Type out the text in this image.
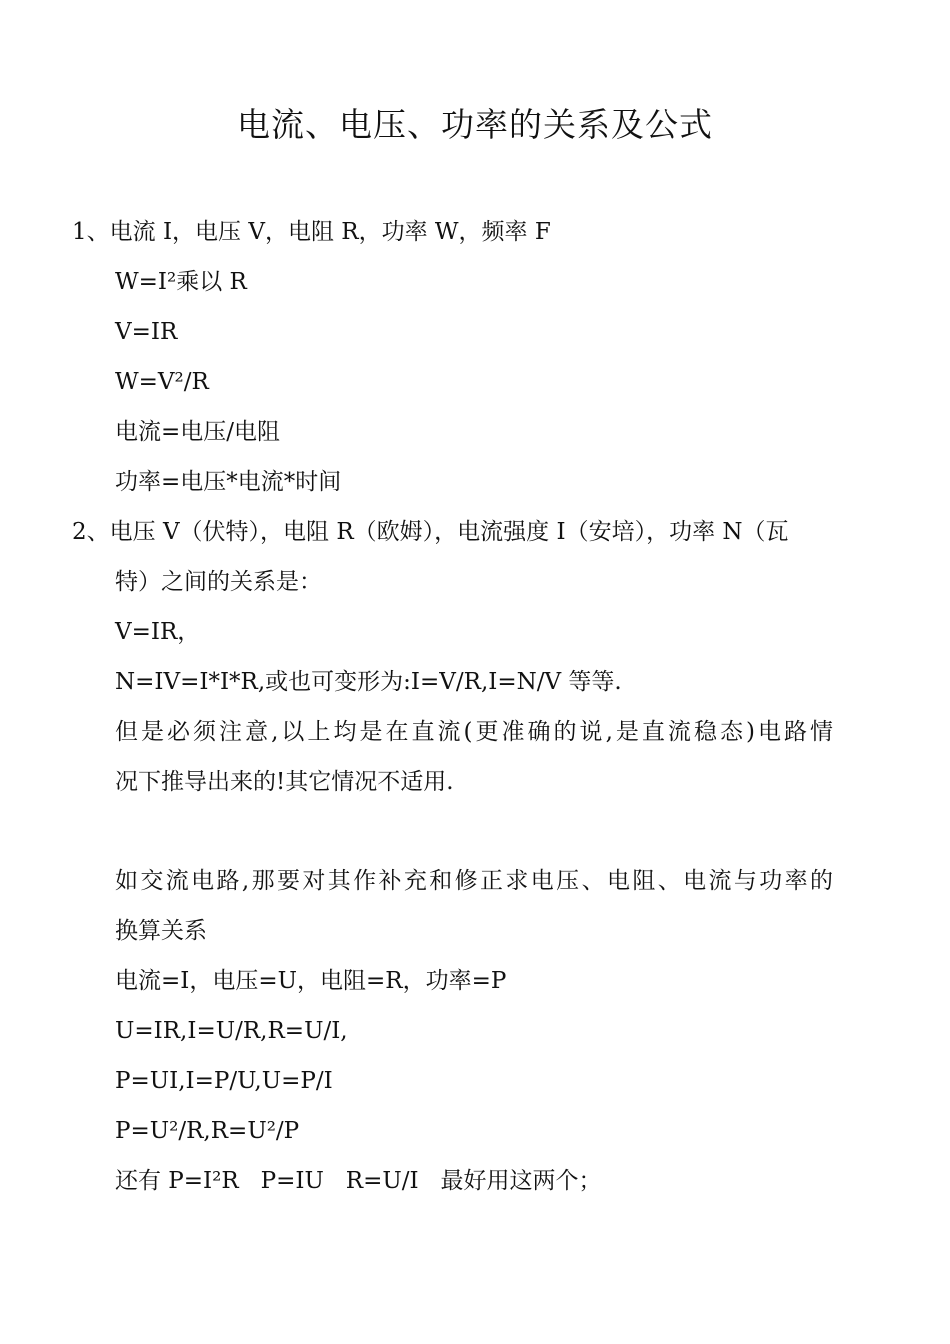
电流、电压、功率的关系及公式

1、电流 I，电压 V，电阻 R，功率 W，频率 F

W=I²乘以 R

V=IR

W=V²/R

电流=电压/电阻

功率=电压*电流*时间

2、电压 V（伏特），电阻 R（欧姆），电流强度 I（安培），功率 N（瓦

特）之间的关系是：

V=IR，

N=IV=I*I*R,或也可变形为:I=V/R,I=N/V 等等.

但是必须注意,以上均是在直流(更准确的说,是直流稳态)电路情

况下推导出来的!其它情况不适用.

如交流电路,那要对其作补充和修正求电压、电阻、电流与功率的

换算关系

电流=I，电压=U，电阻=R，功率=P

U=IR,I=U/R,R=U/I,

P=UI,I=P/U,U=P/I

P=U²/R,R=U²/P

还有 P=I²R   P=IU   R=U/I   最好用这两个；
